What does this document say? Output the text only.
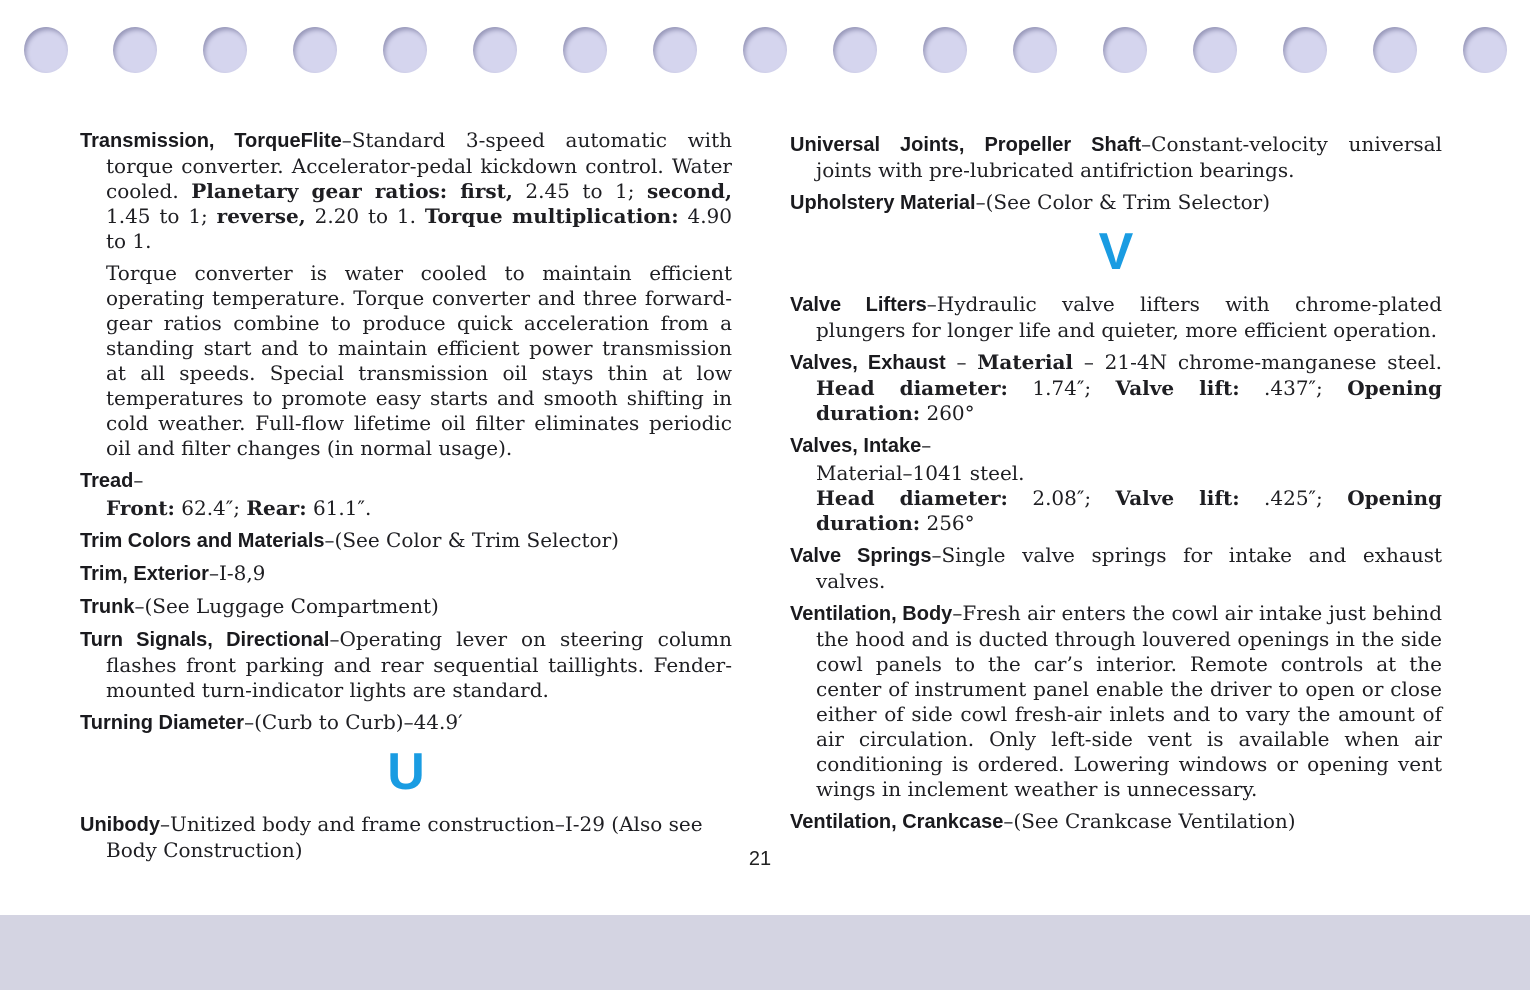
Transmission, TorqueFlite–Standard 3-speed automatic with torque converter. Accelerator-pedal kickdown control. Water cooled. Planetary gear ratios: first, 2.45 to 1; second, 1.45 to 1; reverse, 2.20 to 1. Torque multiplication: 4.90 to 1.

Torque converter is water cooled to maintain efficient operating temperature. Torque converter and three forward-gear ratios combine to produce quick acceleration from a standing start and to maintain efficient power transmission at all speeds. Special transmission oil stays thin at low temperatures to promote easy starts and smooth shifting in cold weather. Full-flow lifetime oil filter eliminates periodic oil and filter changes (in normal usage).

Tread–

Front: 62.4″; Rear: 61.1″.

Trim Colors and Materials–(See Color & Trim Selector)

Trim, Exterior–I-8,9

Trunk–(See Luggage Compartment)

Turn Signals, Directional–Operating lever on steering column flashes front parking and rear sequential taillights. Fender-mounted turn-indicator lights are standard.

Turning Diameter–(Curb to Curb)–44.9′

U

Unibody–Unitized body and frame construction–I-29 (Also see Body Construction)

Universal Joints, Propeller Shaft–Constant-velocity universal joints with pre-lubricated antifriction bearings.

Upholstery Material–(See Color & Trim Selector)

V

Valve Lifters–Hydraulic valve lifters with chrome-plated plungers for longer life and quieter, more efficient operation.

Valves, Exhaust – Material – 21-4N chrome-manganese steel. Head diameter: 1.74″; Valve lift: .437″; Opening duration: 260°

Valves, Intake–

Material–1041 steel.

Head diameter: 2.08″; Valve lift: .425″; Opening duration: 256°

Valve Springs–Single valve springs for intake and exhaust valves.

Ventilation, Body–Fresh air enters the cowl air intake just behind the hood and is ducted through louvered openings in the side cowl panels to the car’s interior. Remote controls at the center of instrument panel enable the driver to open or close either of side cowl fresh-air inlets and to vary the amount of air circulation. Only left-side vent is available when air conditioning is ordered. Lowering windows or opening vent wings in inclement weather is unnecessary.

Ventilation, Crankcase–(See Crankcase Ventilation)

21
